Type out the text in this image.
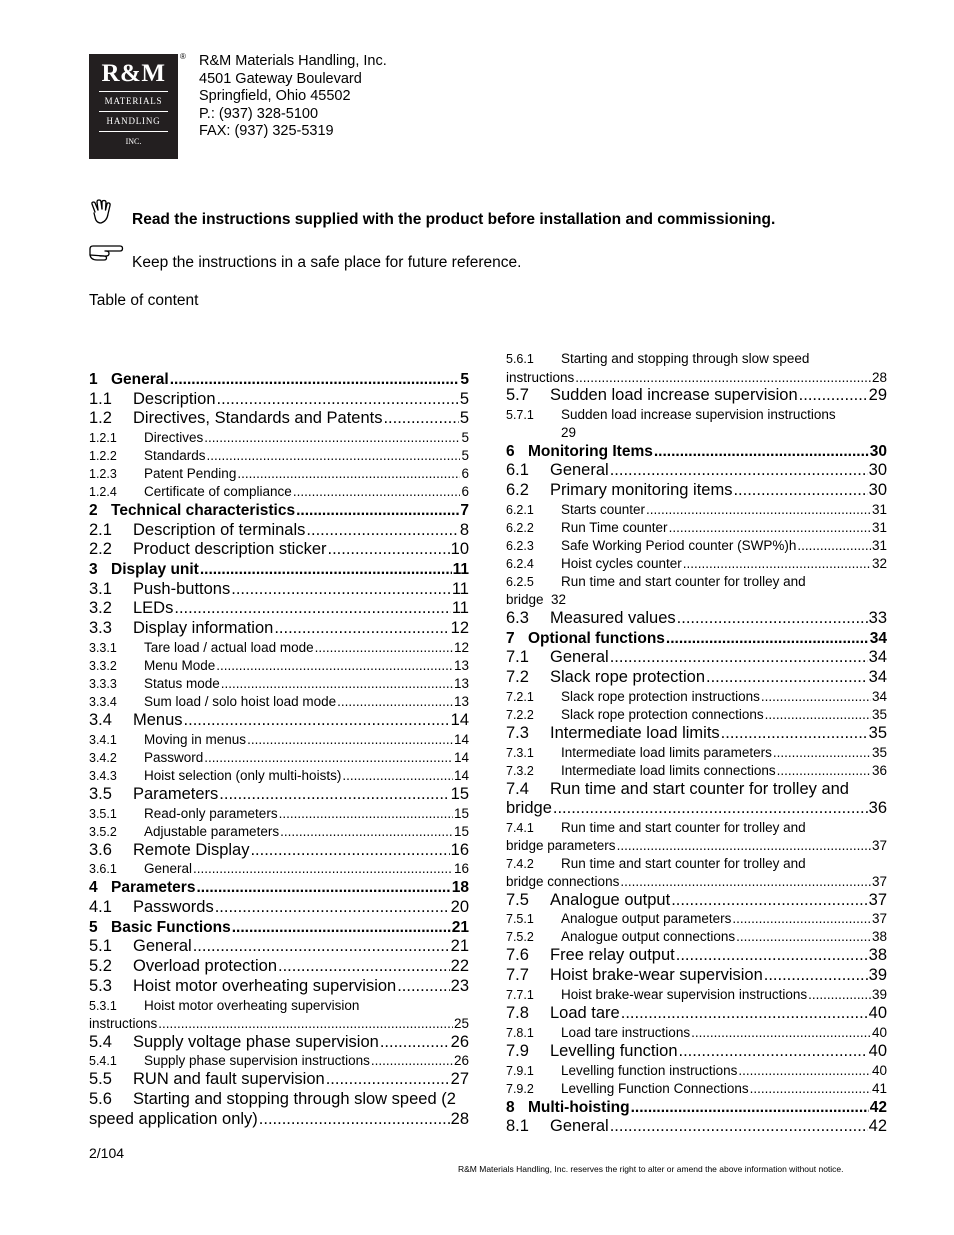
R&M
MATERIALS
HANDLING
INC.
® R&M Materials Handling, Inc.
4501 Gateway Boulevard
Springfield, Ohio 45502
P.: (937) 328-5100
FAX: (937) 325-5319
Read the instructions supplied with the product before installation and commissioning.
Keep the instructions in a safe place for future reference.
Table of content
1 General .....	5
1.1	Description .....	5
1.2	Directives, Standards and Patents .....	5
1.2.1	Directives .....	5
1.2.2	Standards .....	5
1.2.3	Patent Pending .....	6
1.2.4	Certificate of compliance .....	6
2 Technical characteristics .....	7
2.1	Description of terminals .....	8
2.2	Product description sticker .....	10
3 Display unit .....	11
3.1	Push-buttons .....	11
3.2	LEDs .....	11
3.3	Display information .....	12
3.3.1	Tare load / actual load mode .....	12
3.3.2	Menu Mode .....	13
3.3.3	Status mode .....	13
3.3.4	Sum load / solo hoist load mode .....	13
3.4	Menus .....	14
3.4.1	Moving in menus .....	14
3.4.2	Password .....	14
3.4.3	Hoist selection (only multi-hoists) .....	14
3.5	Parameters .....	15
3.5.1	Read-only parameters .....	15
3.5.2	Adjustable parameters .....	15
3.6	Remote Display .....	16
3.6.1	General .....	16
4 Parameters .....	18
4.1	Passwords .....	20
5 Basic Functions .....	21
5.1	General .....	21
5.2	Overload protection .....	22
5.3	Hoist motor overheating supervision .....	23
5.3.1	Hoist motor overheating supervision
instructions .....	25
5.4	Supply voltage phase supervision .....	26
5.4.1	Supply phase supervision instructions .....	26
5.5	RUN and fault supervision .....	27
5.6	Starting and stopping through slow speed (2
speed application only) .....	28
5.6.1	Starting and stopping through slow speed
instructions .....	28
5.7	Sudden load increase supervision .....	29
5.7.1	Sudden load increase supervision instructions
29
6 Monitoring Items .....	30
6.1	General .....	30
6.2	Primary monitoring items .....	30
6.2.1	Starts counter .....	31
6.2.2	Run Time counter .....	31
6.2.3	Safe Working Period counter (SWP%)h .....	31
6.2.4	Hoist cycles counter .....	32
6.2.5	Run time and start counter for trolley and
bridge  32
6.3	Measured values .....	33
7 Optional functions .....	34
7.1	General .....	34
7.2	Slack rope protection .....	34
7.2.1	Slack rope protection instructions .....	34
7.2.2	Slack rope protection connections .....	35
7.3	Intermediate load limits .....	35
7.3.1	Intermediate load limits parameters .....	35
7.3.2	Intermediate load limits connections .....	36
7.4	Run time and start counter for trolley and
bridge .....	36
7.4.1	Run time and start counter for trolley and
bridge parameters .....	37
7.4.2	Run time and start counter for trolley and
bridge connections .....	37
7.5	Analogue output .....	37
7.5.1	Analogue output parameters .....	37
7.5.2	Analogue output connections .....	38
7.6	Free relay output .....	38
7.7	Hoist brake-wear supervision .....	39
7.7.1	Hoist brake-wear supervision instructions .....	39
7.8	Load tare .....	40
7.8.1	Load tare instructions .....	40
7.9	Levelling function .....	40
7.9.1	Levelling function instructions .....	40
7.9.2	Levelling Function Connections .....	41
8 Multi-hoisting .....	42
8.1	General .....	42
2/104
R&M Materials Handling, Inc. reserves the right to alter or amend the above information without notice.
